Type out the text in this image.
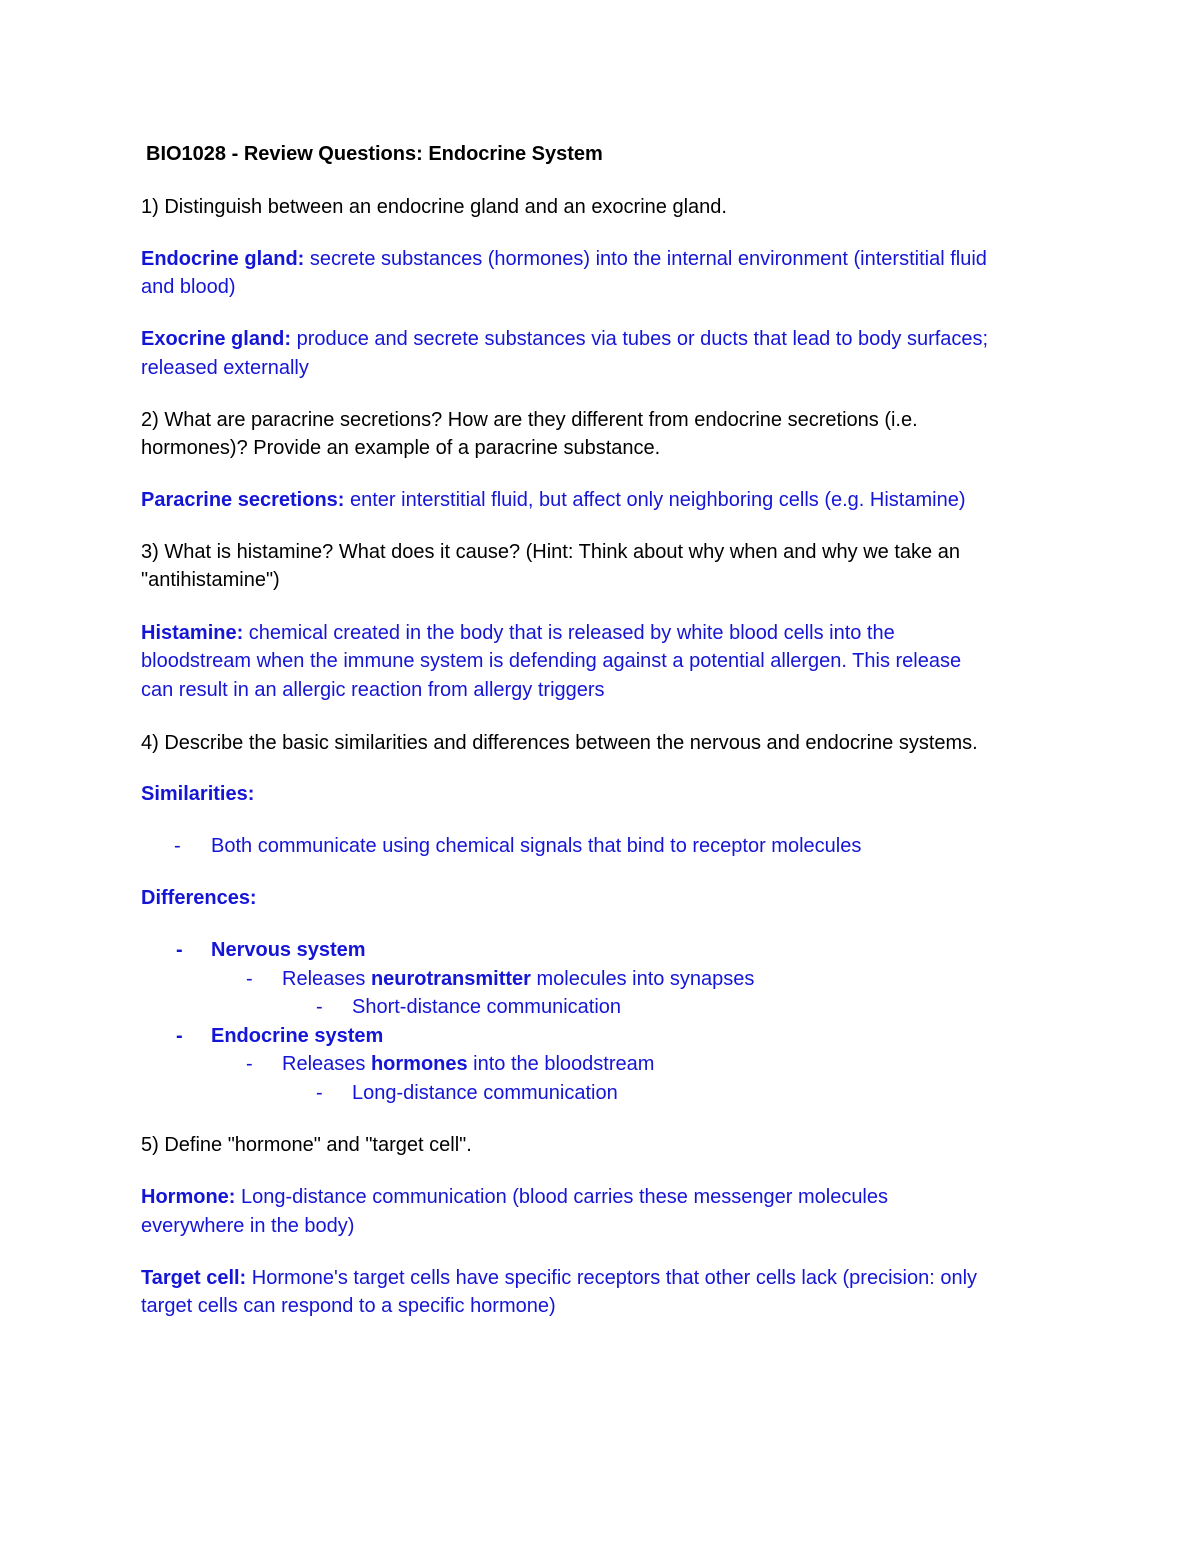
BIO1028 - Review Questions: Endocrine System
1) Distinguish between an endocrine gland and an exocrine gland.
Endocrine gland: secrete substances (hormones) into the internal environment (interstitial fluid
and blood)
Exocrine gland: produce and secrete substances via tubes or ducts that lead to body surfaces;
released externally
2) What are paracrine secretions? How are they different from endocrine secretions (i.e.
hormones)? Provide an example of a paracrine substance.
Paracrine secretions: enter interstitial fluid, but affect only neighboring cells (e.g. Histamine)
3) What is histamine? What does it cause? (Hint: Think about why when and why we take an
"antihistamine")
Histamine: chemical created in the body that is released by white blood cells into the
bloodstream when the immune system is defending against a potential allergen. This release
can result in an allergic reaction from allergy triggers
4) Describe the basic similarities and differences between the nervous and endocrine systems.
Similarities:
- Both communicate using chemical signals that bind to receptor molecules
Differences:
- Nervous system
- Releases neurotransmitter molecules into synapses
- Short-distance communication
- Endocrine system
- Releases hormones into the bloodstream
- Long-distance communication
5) Define "hormone" and "target cell".
Hormone: Long-distance communication (blood carries these messenger molecules
everywhere in the body)
Target cell: Hormone's target cells have specific receptors that other cells lack (precision: only
target cells can respond to a specific hormone)
